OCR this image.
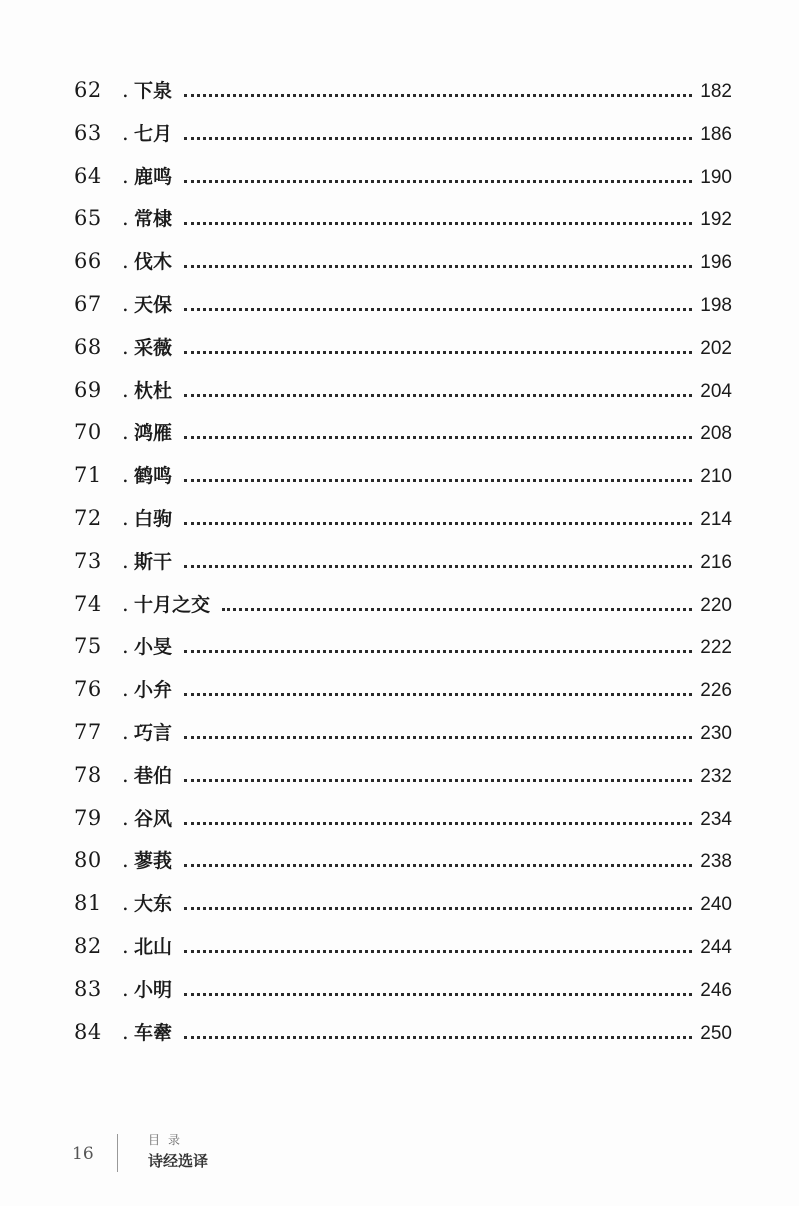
62 . 下泉	182
63 . 七月	186
64 . 鹿鸣	190
65 . 常棣	192
66 . 伐木	196
67 . 天保	198
68 . 采薇	202
69 . 杕杜	204
70 . 鸿雁	208
71 . 鹤鸣	210
72 . 白驹	214
73 . 斯干	216
74 . 十月之交	220
75 . 小旻	222
76 . 小弁	226
77 . 巧言	230
78 . 巷伯	232
79 . 谷风	234
80 . 蓼莪	238
81 . 大东	240
82 . 北山	244
83 . 小明	246
84 . 车舝	250
16
目录
诗经选译
